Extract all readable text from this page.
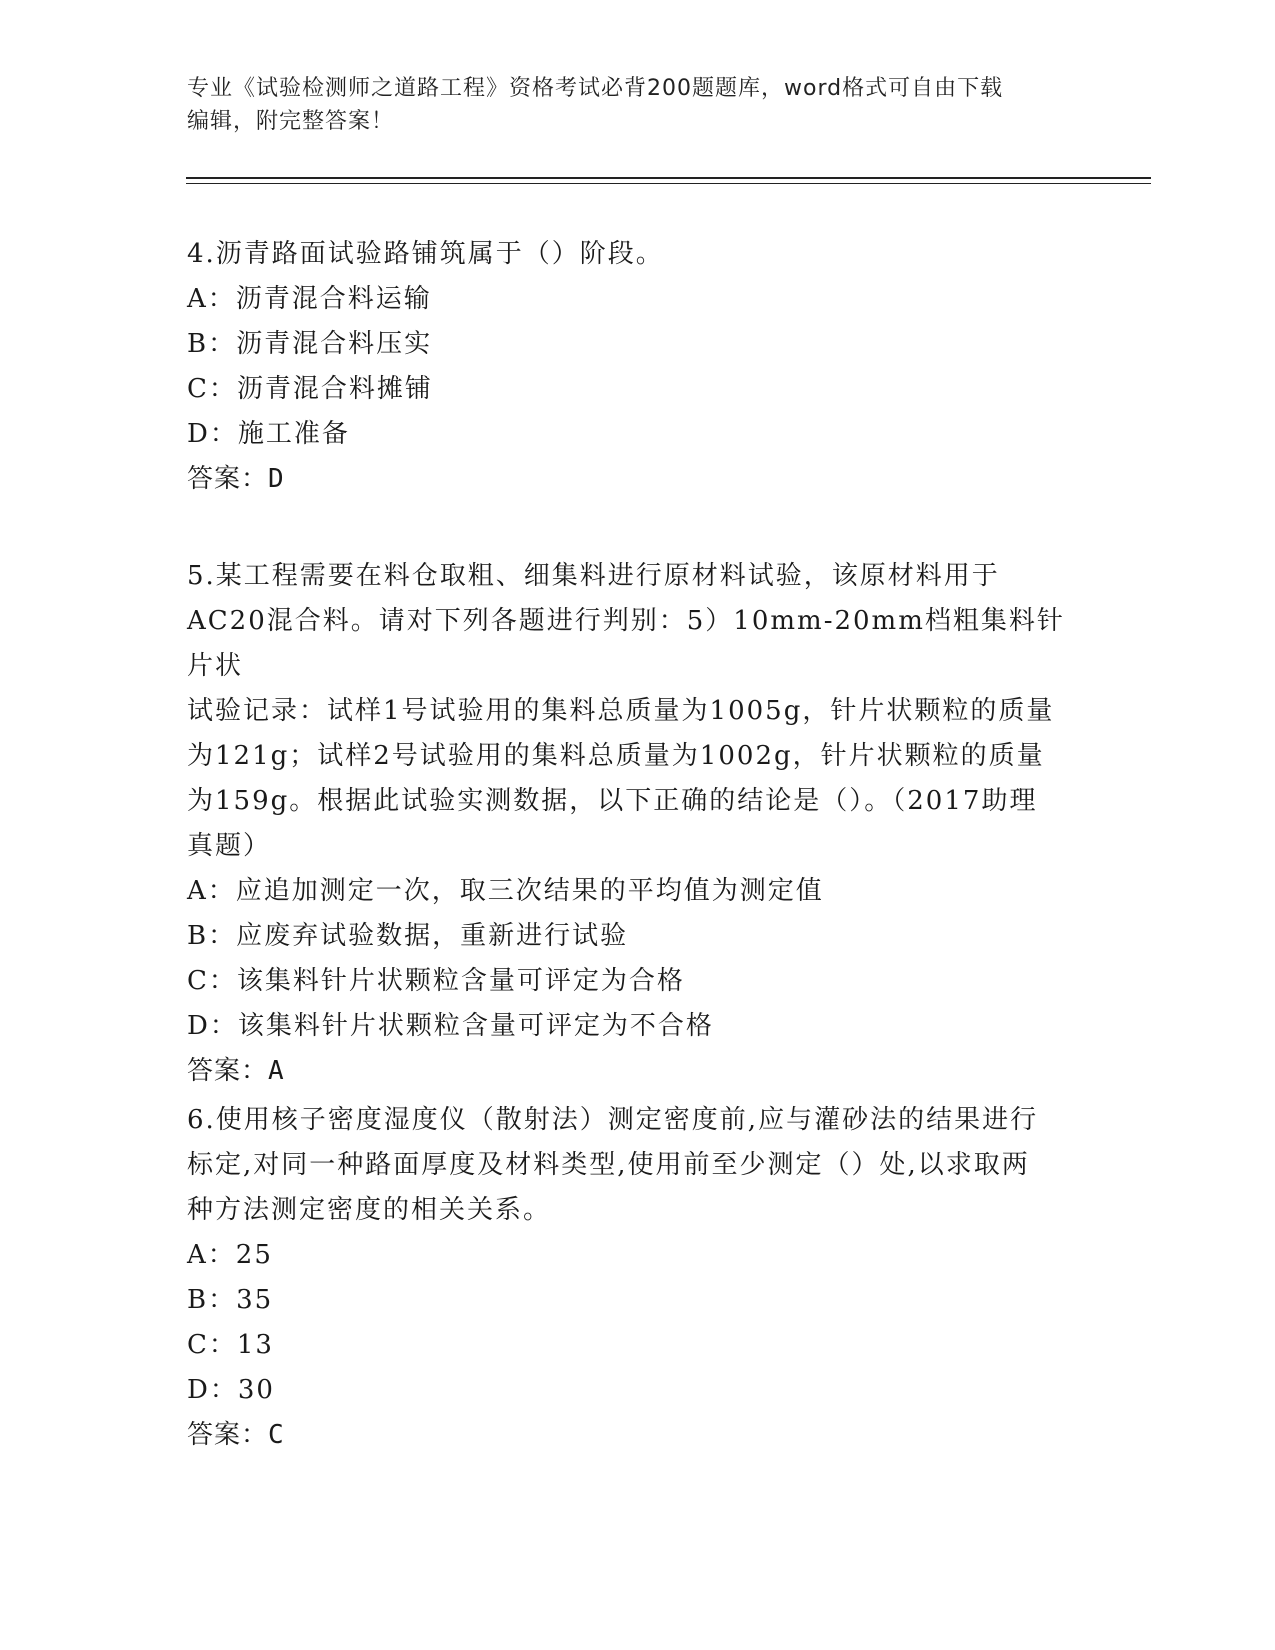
专业《试验检测师之道路工程》资格考试必背200题题库，word格式可自由下载
编辑，附完整答案！
4.沥青路面试验路铺筑属于（）阶段。
A：沥青混合料运输
B：沥青混合料压实
C：沥青混合料摊铺
D：施工准备
答案：D
5.某工程需要在料仓取粗、细集料进行原材料试验，该原材料用于
AC20混合料。请对下列各题进行判别：5）10mm-20mm档粗集料针片状
试验记录：试样1号试验用的集料总质量为1005g，针片状颗粒的质量
为121g；试样2号试验用的集料总质量为1002g，针片状颗粒的质量
为159g。根据此试验实测数据，以下正确的结论是（）。（2017助理
真题）
A：应追加测定一次，取三次结果的平均值为测定值
B：应废弃试验数据，重新进行试验
C：该集料针片状颗粒含量可评定为合格
D：该集料针片状颗粒含量可评定为不合格
答案：A
6.使用核子密度湿度仪（散射法）测定密度前,应与灌砂法的结果进行
标定,对同一种路面厚度及材料类型,使用前至少测定（）处,以求取两
种方法测定密度的相关关系。
A：25
B：35
C：13
D：30
答案：C
